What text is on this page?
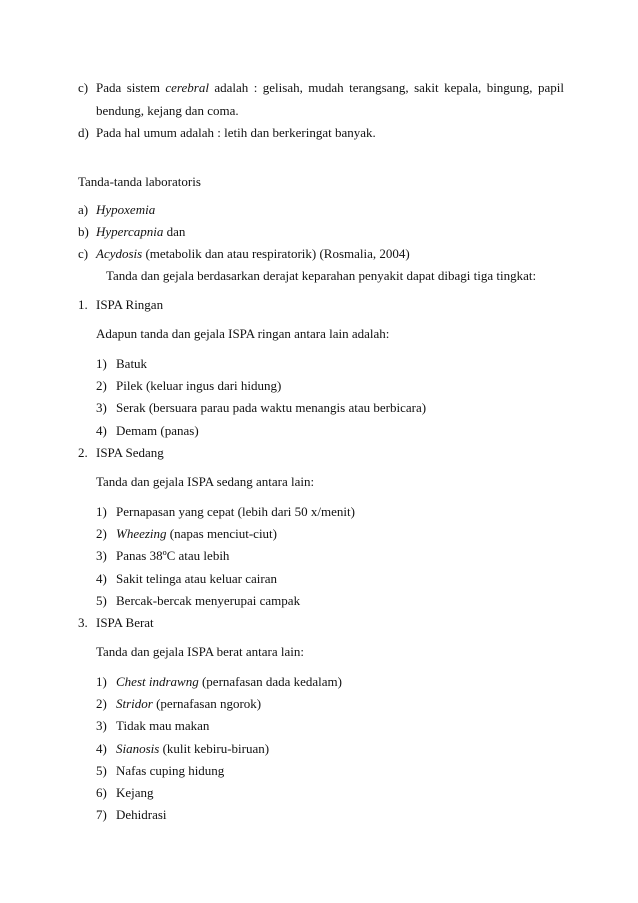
c) Pada sistem cerebral adalah : gelisah, mudah terangsang, sakit kepala, bingung, papil
bendung, kejang dan coma.
d) Pada hal umum adalah : letih dan berkeringat banyak.
Tanda-tanda laboratoris
a) Hypoxemia
b) Hypercapnia dan
c) Acydosis (metabolik dan atau respiratorik) (Rosmalia, 2004)
Tanda dan gejala berdasarkan derajat keparahan penyakit dapat dibagi tiga tingkat:
1. ISPA Ringan
Adapun tanda dan gejala ISPA ringan antara lain adalah:
1) Batuk
2) Pilek (keluar ingus dari hidung)
3) Serak (bersuara parau pada waktu menangis atau berbicara)
4) Demam (panas)
2. ISPA Sedang
Tanda dan gejala ISPA sedang antara lain:
1) Pernapasan yang cepat (lebih dari 50 x/menit)
2) Wheezing (napas menciut-ciut)
3) Panas 38ºC atau lebih
4) Sakit telinga atau keluar cairan
5) Bercak-bercak menyerupai campak
3. ISPA Berat
Tanda dan gejala ISPA berat antara lain:
1) Chest indrawng (pernafasan dada kedalam)
2) Stridor (pernafasan ngorok)
3) Tidak mau makan
4) Sianosis (kulit kebiru-biruan)
5) Nafas cuping hidung
6) Kejang
7) Dehidrasi
